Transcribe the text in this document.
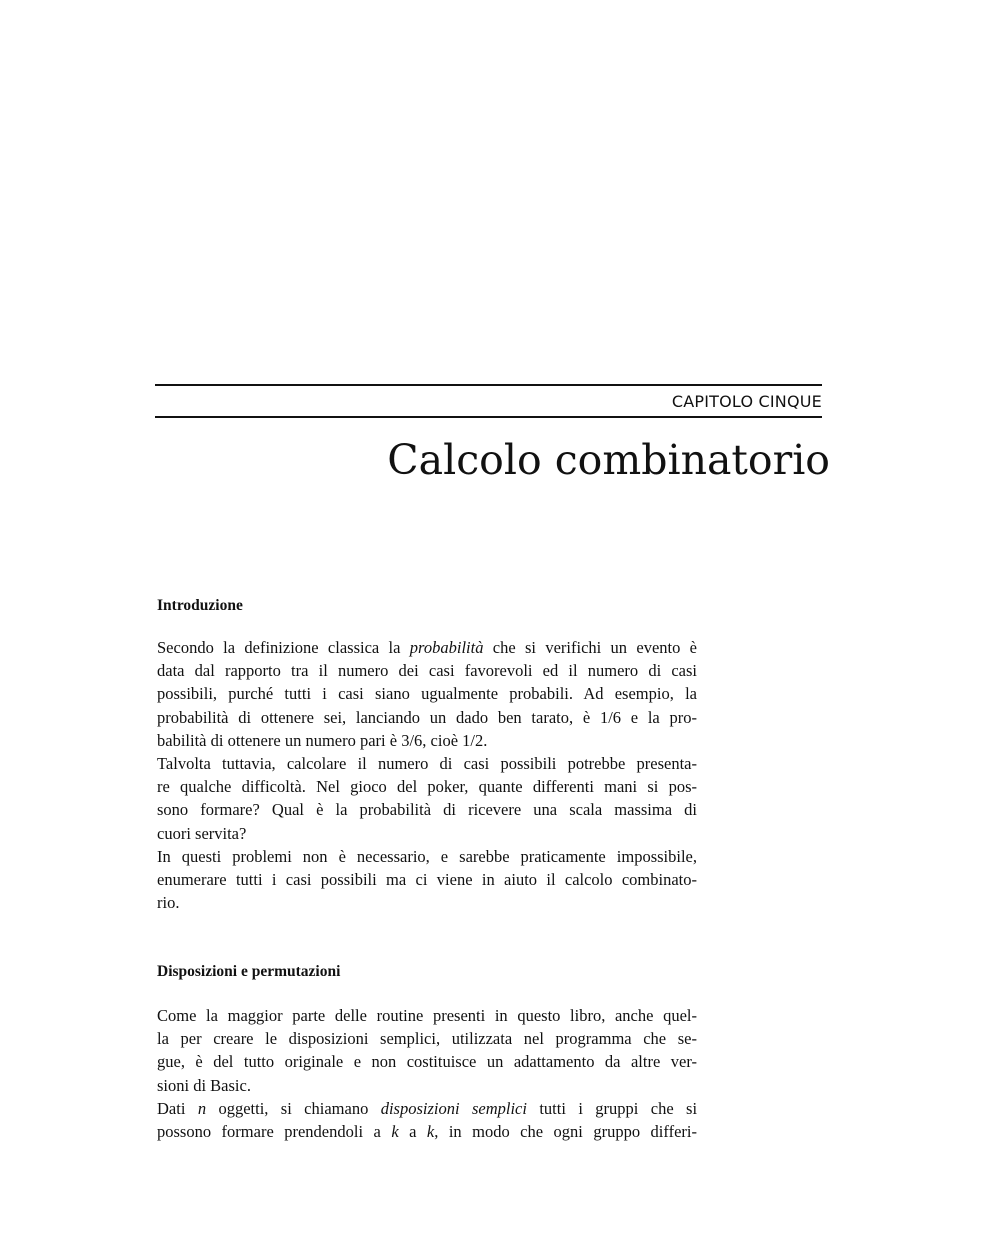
CAPITOLO CINQUE
Calcolo combinatorio
Introduzione
Secondo la definizione classica la probabilità che si verifichi un evento è
data dal rapporto tra il numero dei casi favorevoli ed il numero di casi
possibili, purché tutti i casi siano ugualmente probabili. Ad esempio, la
probabilità di ottenere sei, lanciando un dado ben tarato, è 1/6 e la pro-
babilità di ottenere un numero pari è 3/6, cioè 1/2.
Talvolta tuttavia, calcolare il numero di casi possibili potrebbe presenta-
re qualche difficoltà. Nel gioco del poker, quante differenti mani si pos-
sono formare? Qual è la probabilità di ricevere una scala massima di
cuori servita?
In questi problemi non è necessario, e sarebbe praticamente impossibile,
enumerare tutti i casi possibili ma ci viene in aiuto il calcolo combinato-
rio.
Disposizioni e permutazioni
Come la maggior parte delle routine presenti in questo libro, anche quel-
la per creare le disposizioni semplici, utilizzata nel programma che se-
gue, è del tutto originale e non costituisce un adattamento da altre ver-
sioni di Basic.
Dati n oggetti, si chiamano disposizioni semplici tutti i gruppi che si
possono formare prendendoli a k a k, in modo che ogni gruppo differi-
